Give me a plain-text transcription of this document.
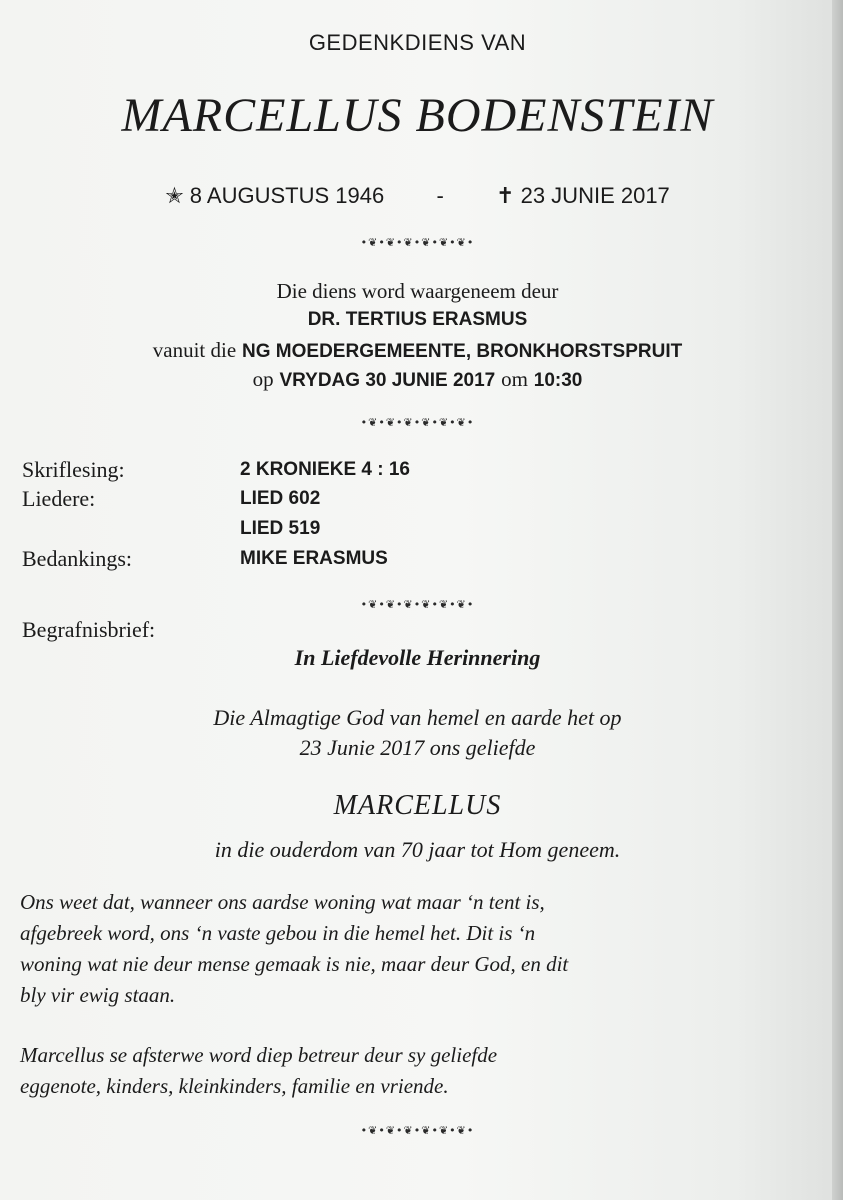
GEDENKDIENS VAN
MARCELLUS BODENSTEIN
✭ 8 AUGUSTUS 1946 - ✝ 23 JUNIE 2017
•❦•❦•❦•❦•❦•❦•
Die diens word waargeneem deur
DR. TERTIUS ERASMUS
vanuit die NG MOEDERGEMEENTE, BRONKHORSTSPRUIT
op VRYDAG 30 JUNIE 2017 om 10:30
•❦•❦•❦•❦•❦•❦•
Skriflesing:	2 KRONIEKE 4 : 16
Liedere:	LIED 602
LIED 519
Bedankings:	MIKE ERASMUS
•❦•❦•❦•❦•❦•❦•
Begrafnisbrief:
In Liefdevolle Herinnering
Die Almagtige God van hemel en aarde het op
23 Junie 2017 ons geliefde
MARCELLUS
in die ouderdom van 70 jaar tot Hom geneem.
Ons weet dat, wanneer ons aardse woning wat maar ‘n tent is,
afgebreek word, ons ‘n vaste gebou in die hemel het. Dit is ‘n
woning wat nie deur mense gemaak is nie, maar deur God, en dit
bly vir ewig staan.
Marcellus se afsterwe word diep betreur deur sy geliefde
eggenote, kinders, kleinkinders, familie en vriende.
•❦•❦•❦•❦•❦•❦•
